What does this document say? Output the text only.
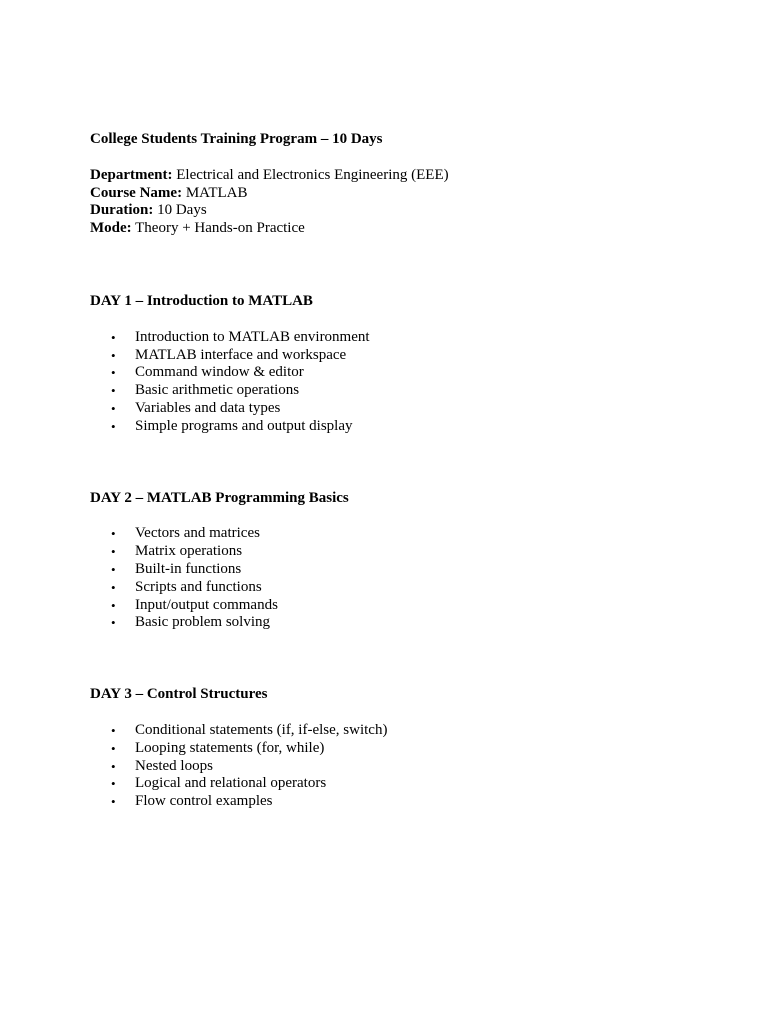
College Students Training Program – 10 Days

Department: Electrical and Electronics Engineering (EEE)

Course Name: MATLAB

Duration: 10 Days

Mode: Theory + Hands-on Practice

DAY 1 – Introduction to MATLAB

• Introduction to MATLAB environment
• MATLAB interface and workspace
• Command window & editor
• Basic arithmetic operations
• Variables and data types
• Simple programs and output display

DAY 2 – MATLAB Programming Basics

• Vectors and matrices
• Matrix operations
• Built-in functions
• Scripts and functions
• Input/output commands
• Basic problem solving

DAY 3 – Control Structures

• Conditional statements (if, if-else, switch)
• Looping statements (for, while)
• Nested loops
• Logical and relational operators
• Flow control examples
